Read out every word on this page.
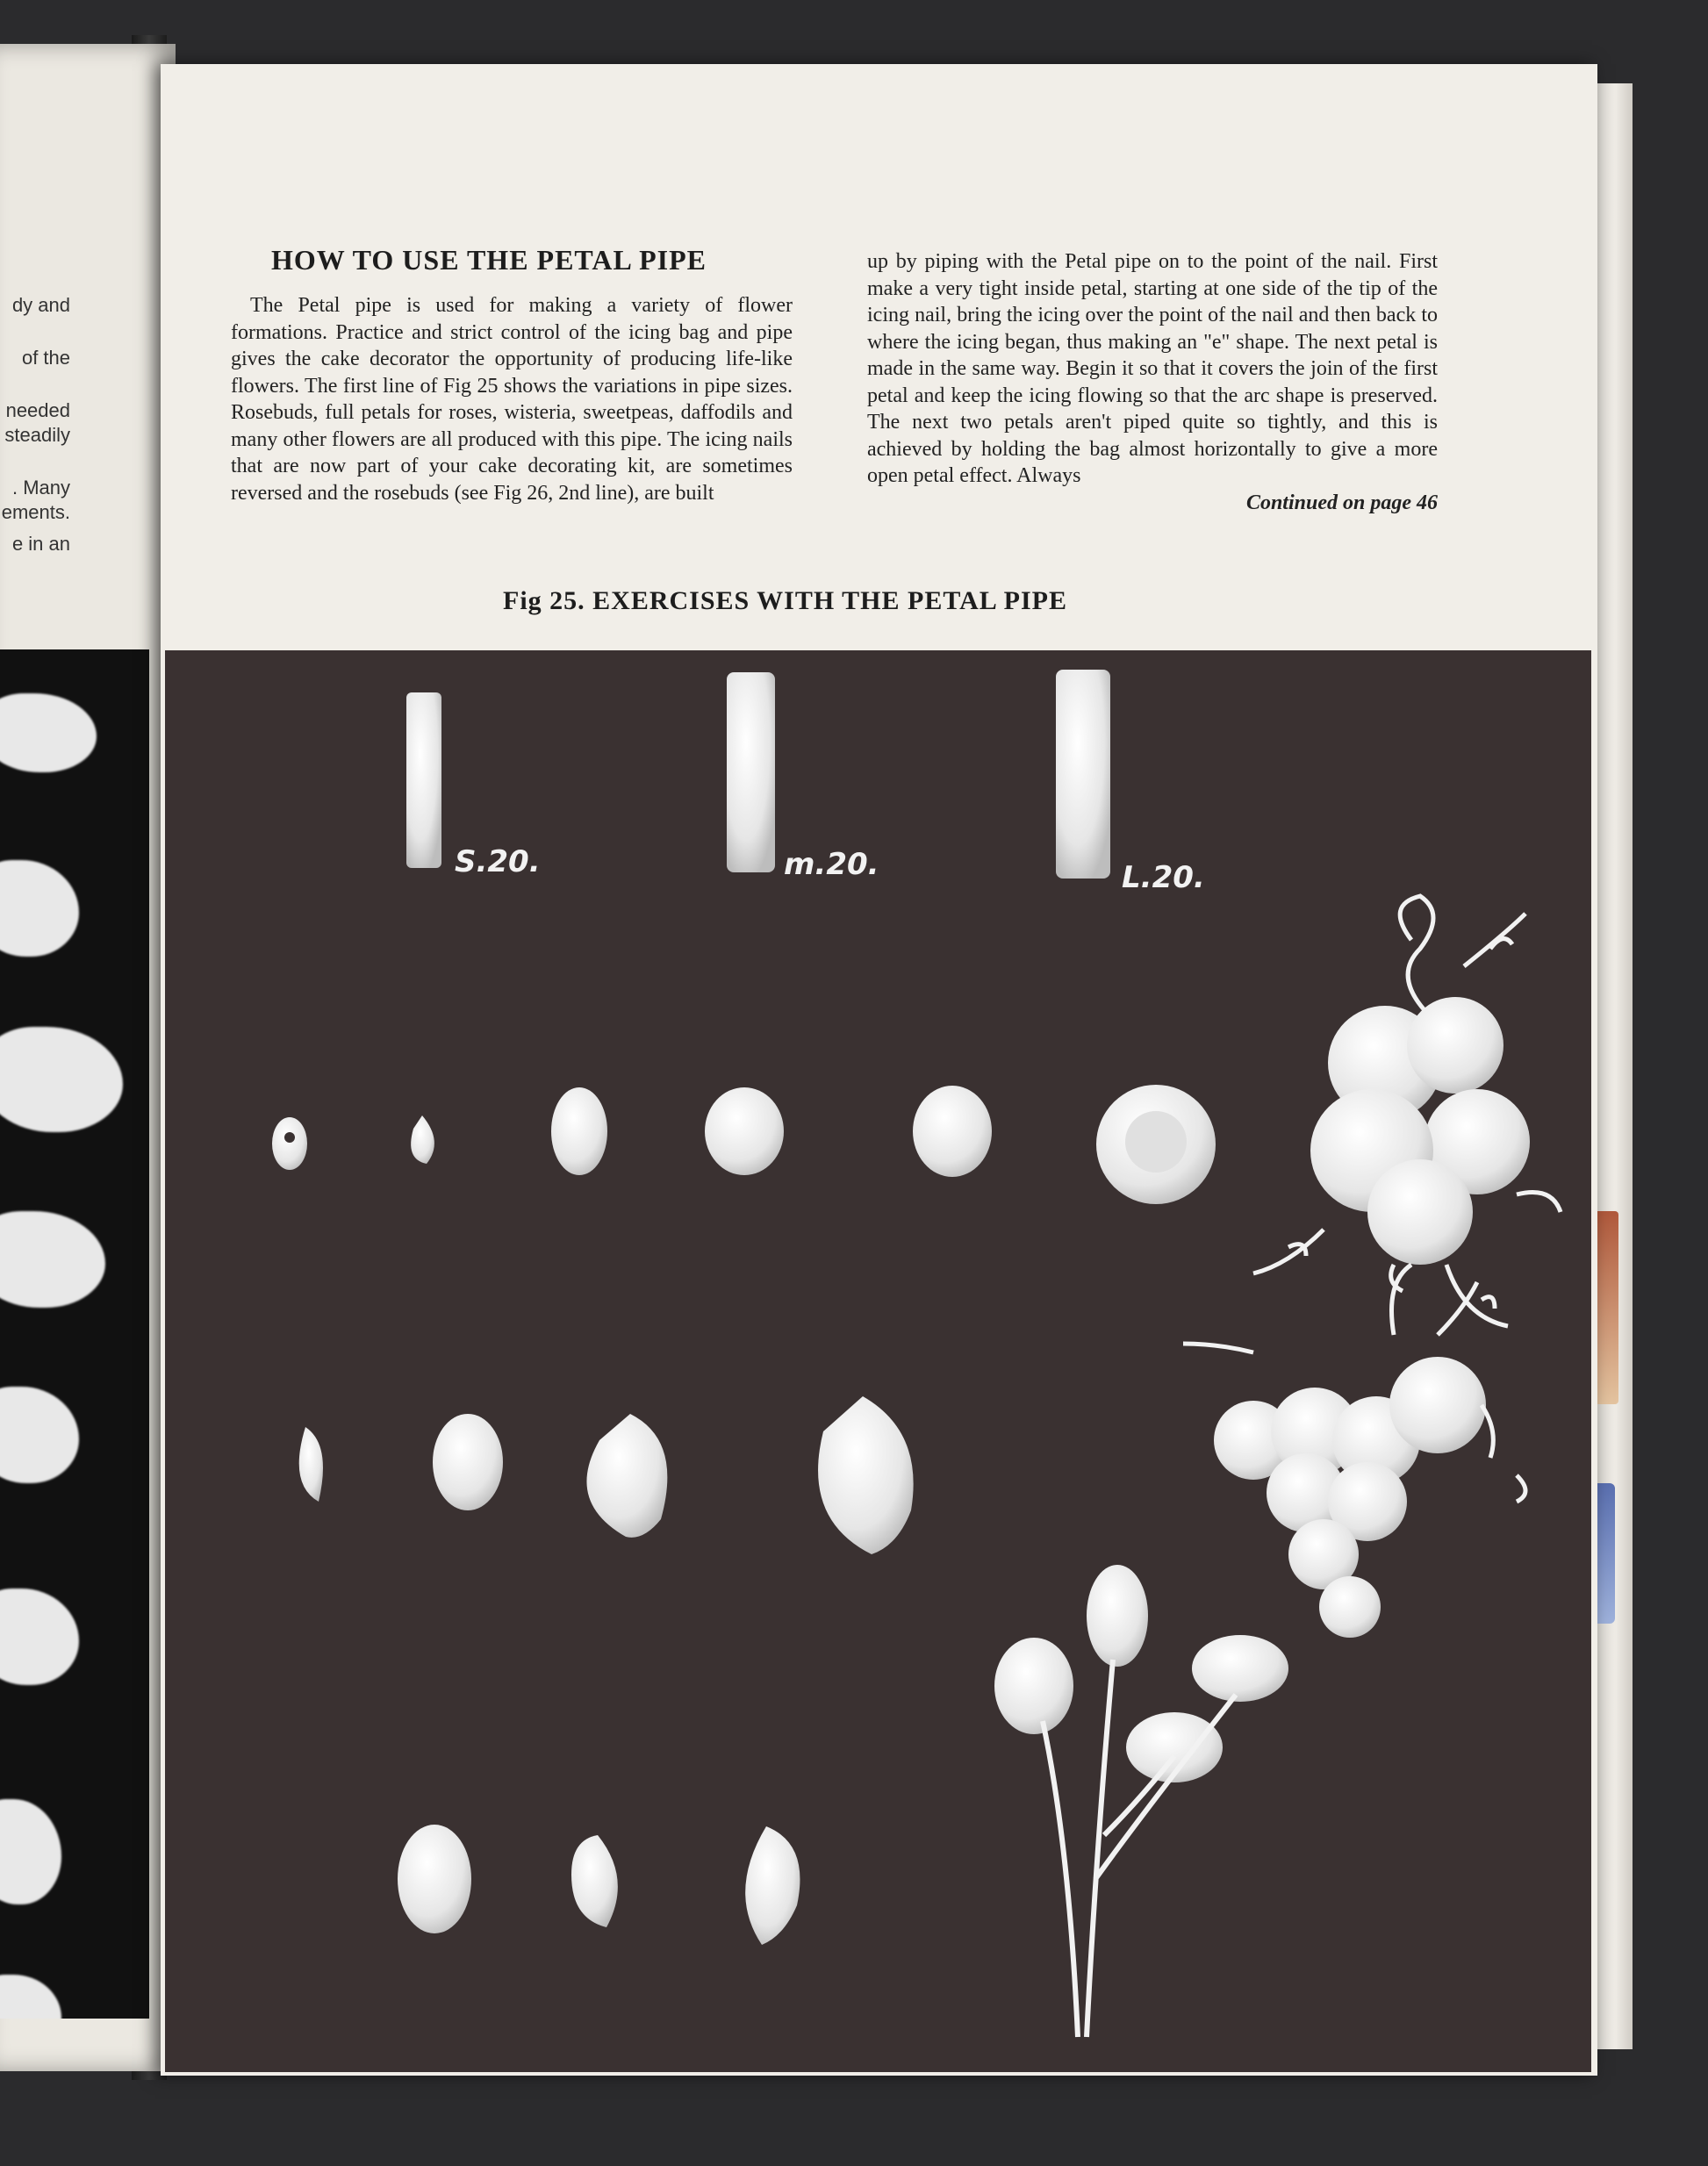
dy and
of the
needed
steadily
. Many
ements.
e in an
HOW TO USE THE PETAL PIPE

The Petal pipe is used for making a variety of flower formations. Practice and strict control of the icing bag and pipe gives the cake decorator the opportunity of producing life-like flowers. The first line of Fig 25 shows the variations in pipe sizes. Rosebuds, full petals for roses, wisteria, sweetpeas, daffodils and many other flowers are all produced with this pipe. The icing nails that are now part of your cake decorating kit, are sometimes reversed and the rosebuds (see Fig 26, 2nd line), are built

up by piping with the Petal pipe on to the point of the nail. First make a very tight inside petal, starting at one side of the tip of the icing nail, bring the icing over the point of the nail and then back to where the icing began, thus making an "e" shape. The next petal is made in the same way. Begin it so that it covers the join of the first petal and keep the icing flowing so that the arc shape is preserved. The next two petals aren't piped quite so tightly, and this is achieved by holding the bag almost horizontally to give a more open petal effect. Always

Continued on page 46
Fig 25. EXERCISES WITH THE PETAL PIPE
S.20.	m.20.	L.20.
